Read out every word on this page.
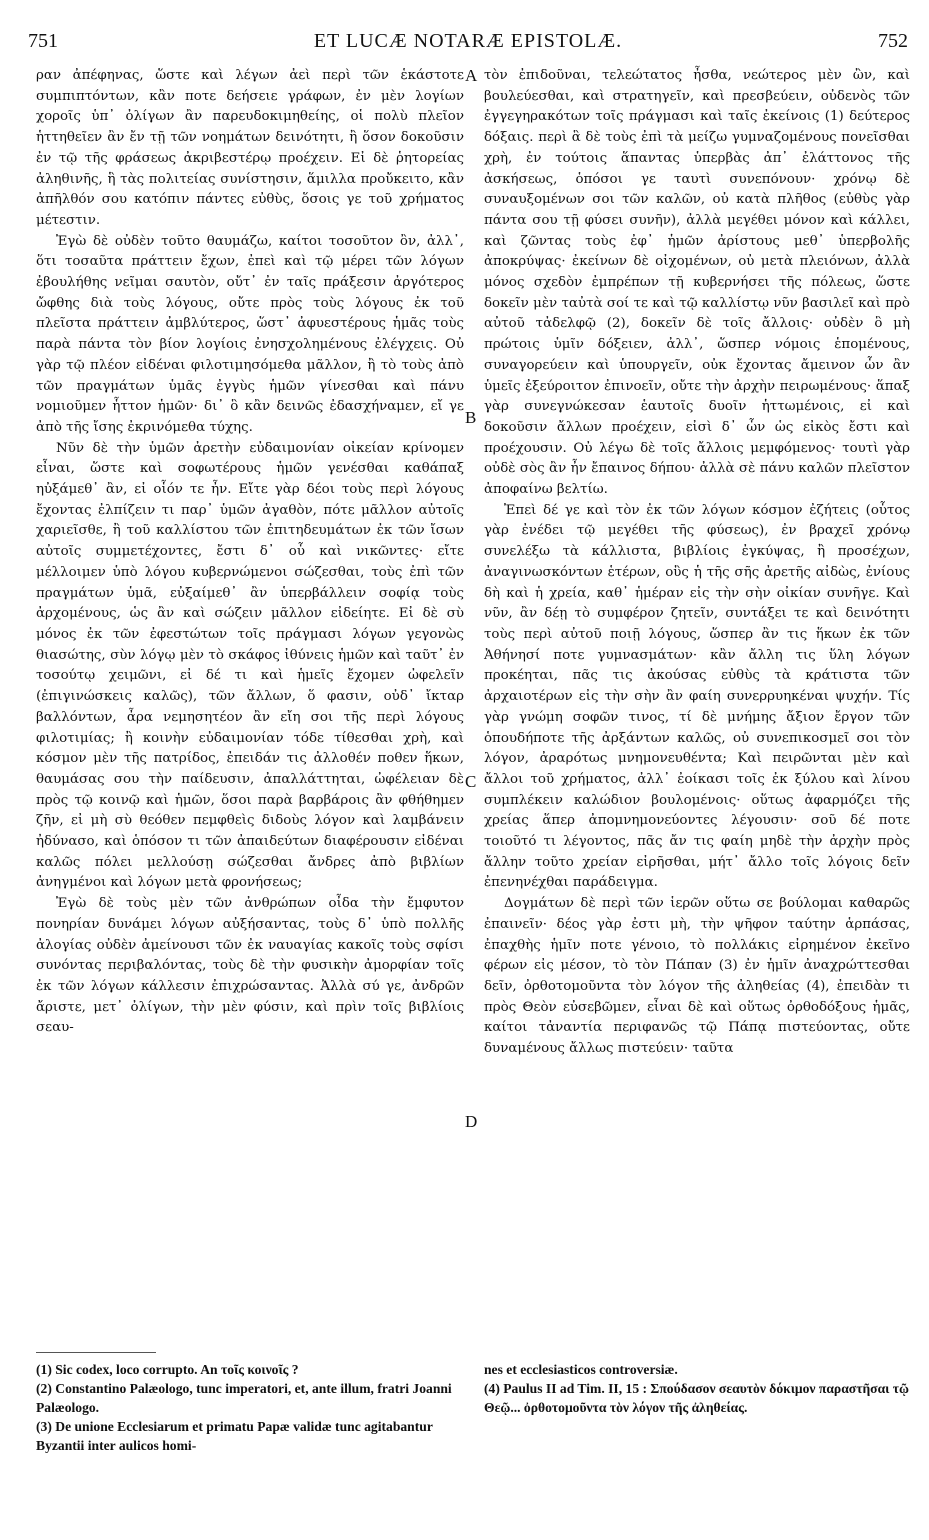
751	ET LUCÆ NOTARÆ EPISTOLÆ.	752

ραν ἀπέφηνας, ὥστε καὶ λέγων ἀεὶ περὶ τῶν ἑκάστοτε συμπιπτόντων, κἂν ποτε δεήσειε γράφων, ἐν μὲν λογίων χοροῖς ὑπ᾽ ὀλίγων ἂν παρευδοκιμηθείης, οἱ πολὺ πλεῖον ἡττηθεῖεν ἂν ἔν τῇ τῶν νοημάτων δεινότητι, ἢ ὅσον δοκοῦσιν ἐν τῷ τῆς φράσεως ἀκριβεστέρῳ προέχειν. Εἰ δὲ ῥητορείας ἀληθινῆς, ἣ τὰς πολιτείας συνίστησιν, ἅμιλλα προὔκειτο, κἂν ἀπῆλθόν σου κατόπιν πάντες εὐθὺς, ὅσοις γε τοῦ χρήματος μέτεστιν.

Ἐγὼ δὲ οὐδὲν τοῦτο θαυμάζω, καίτοι τοσοῦτον ὂν, ἀλλ᾽, ὅτι τοσαῦτα πράττειν ἔχων, ἐπεὶ καὶ τῷ μέρει τῶν λόγων ἐβουλήθης νεῖμαι σαυτὸν, οὔτ᾽ ἐν ταῖς πράξεσιν ἀργότερος ὤφθης διὰ τοὺς λόγους, οὔτε πρὸς τοὺς λόγους ἐκ τοῦ πλεῖστα πράττειν ἀμβλύτερος, ὥστ᾽ ἀφυεστέρους ἡμᾶς τοὺς παρὰ πάντα τὸν βίον λογίοις ἐνησχολημένους ἐλέγχεις. Οὐ γὰρ τῷ πλέον εἰδέναι φιλοτιμησόμεθα μᾶλλον, ἢ τὸ τοὺς ἀπὸ τῶν πραγμάτων ὑμᾶς ἐγγὺς ἡμῶν γίνεσθαι καὶ πάνυ νομιοῦμεν ἧττον ἡμῶν· δι᾽ ὃ κἂν δεινῶς ἐδασχήναμεν, εἴ γε ἀπὸ τῆς ἴσης ἐκρινόμεθα τύχης.

Νῦν δὲ τὴν ὑμῶν ἀρετὴν εὐδαιμονίαν οἰκείαν κρίνομεν εἶναι, ὥστε καὶ σοφωτέρους ἡμῶν γενέσθαι καθάπαξ ηὐξάμεθ᾽ ἂν, εἰ οἷόν τε ἦν. Εἴτε γὰρ δέοι τοὺς περὶ λόγους ἔχοντας ἐλπίζειν τι παρ᾽ ὑμῶν ἀγαθὸν, πότε μᾶλλον αὐτοῖς χαριεῖσθε, ἢ τοῦ καλλίστου τῶν ἐπιτηδευμάτων ἐκ τῶν ἴσων αὐτοῖς συμμετέχοντες, ἔστι δ᾽ οὗ καὶ νικῶντες· εἴτε μέλλοιμεν ὑπὸ λόγου κυβερνώμενοι σώζεσθαι, τοὺς ἐπὶ τῶν πραγμάτων ὑμᾶ, εὐξαίμεθ᾽ ἂν ὑπερβάλλειν σοφίᾳ τοὺς ἀρχομένους, ὡς ἂν καὶ σώζειν μᾶλλον εἰδείητε. Εἰ δὲ σὺ μόνος ἐκ τῶν ἐφεστώτων τοῖς πράγμασι λόγων γεγονὼς θιασώτης, σὺν λόγῳ μὲν τὸ σκάφος ἰθύνεις ἡμῶν καὶ ταῦτ᾽ ἐν τοσούτῳ χειμῶνι, εἰ δέ τι καὶ ἡμεῖς ἔχομεν ὠφελεῖν (ἐπιγινώσκεις καλῶς), τῶν ἄλλων, ὅ φασιν, οὐδ᾽ ἴκταρ βαλλόντων, ἆρα νεμησητέον ἂν εἴη σοι τῆς περὶ λόγους φιλοτιμίας; ἢ κοινὴν εὐδαιμονίαν τόδε τίθεσθαι χρὴ, καὶ κόσμον μὲν τῆς πατρίδος, ἐπειδάν τις ἀλλοθέν ποθεν ἥκων, θαυμάσας σου τὴν παίδευσιν, ἀπαλλάττηται, ὠφέλειαν δὲ πρὸς τῷ κοινῷ καὶ ἡμῶν, ὅσοι παρὰ βαρβάροις ἂν φθήθημεν ζῆν, εἰ μὴ σὺ θεόθεν πεμφθεὶς διδοὺς λόγον καὶ λαμβάνειν ἠδύνασο, καὶ ὁπόσον τι τῶν ἀπαιδεύτων διαφέρουσιν εἰδέναι καλῶς πόλει μελλούσῃ σώζεσθαι ἄνδρες ἀπὸ βιβλίων ἀνηγμένοι καὶ λόγων μετὰ φρονήσεως;

Ἐγὼ δὲ τοὺς μὲν τῶν ἀνθρώπων οἶδα τὴν ἔμφυτον πονηρίαν δυνάμει λόγων αὐξήσαντας, τοὺς δ᾽ ὑπὸ πολλῆς ἀλογίας οὐδὲν ἀμείνουσι τῶν ἐκ ναυαγίας κακοῖς τοὺς σφίσι συνόντας περιβαλόντας, τοὺς δὲ τὴν φυσικὴν ἀμορφίαν τοῖς ἐκ τῶν λόγων κάλλεσιν ἐπιχρώσαντας. Ἀλλὰ σύ γε, ἀνδρῶν ἄριστε, μετ᾽ ὀλίγων, τὴν μὲν φύσιν, καὶ πρὶν τοῖς βιβλίοις σεαυ-

A
B
C
D

τὸν ἐπιδοῦναι, τελεώτατος ἦσθα, νεώτερος μὲν ὢν, καὶ βουλεύεσθαι, καὶ στρατηγεῖν, καὶ πρεσβεύειν, οὐδενὸς τῶν ἐγγεγηρακότων τοῖς πράγμασι καὶ ταῖς ἐκείνοις (1) δεύτερος δόξαις. περὶ ἃ δὲ τοὺς ἐπὶ τὰ μείζω γυμναζομένους πονεῖσθαι χρὴ, ἐν τούτοις ἅπαντας ὑπερβὰς ἀπ᾽ ἐλάττονος τῆς ἀσκήσεως, ὁπόσοι γε ταυτὶ συνεπόνουν· χρόνῳ δὲ συναυξομένων σοι τῶν καλῶν, οὐ κατὰ πλῆθος (εὐθὺς γὰρ πάντα σου τῇ φύσει συνῆν), ἀλλὰ μεγέθει μόνον καὶ κάλλει, καὶ ζῶντας τοὺς ἐφ᾽ ἡμῶν ἀρίστους μεθ᾽ ὑπερβολῆς ἀποκρύψας· ἐκείνων δὲ οἰχομένων, οὐ μετὰ πλειόνων, ἀλλὰ μόνος σχεδὸν ἐμπρέπων τῇ κυβερνήσει τῆς πόλεως, ὥστε δοκεῖν μὲν ταὐτὰ σοί τε καὶ τῷ καλλίστῳ νῦν βασιλεῖ καὶ πρὸ αὐτοῦ τἀδελφῷ (2), δοκεῖν δὲ τοῖς ἄλλοις· οὐδὲν ὃ μὴ πρώτοις ὑμῖν δόξειεν, ἀλλ᾽, ὥσπερ νόμοις ἑπομένους, συναγορεύειν καὶ ὑπουργεῖν, οὐκ ἔχοντας ἄμεινον ὧν ἂν ὑμεῖς ἐξεύροιτον ἐπινοεῖν, οὔτε τὴν ἀρχὴν πειρωμένους· ἅπαξ γὰρ συνεγνώκεσαν ἑαυτοῖς δυοῖν ἡττωμένοις, εἰ καὶ δοκοῦσιν ἄλλων προέχειν, εἰσὶ δ᾽ ὧν ὡς εἰκὸς ἔστι καὶ προέχουσιν. Οὐ λέγω δὲ τοῖς ἄλλοις μεμφόμενος· τουτὶ γὰρ οὐδὲ σὸς ἂν ἦν ἔπαινος δήπου· ἀλλὰ σὲ πάνυ καλῶν πλεῖστον ἀποφαίνω βελτίω.

Ἐπεὶ δέ γε καὶ τὸν ἐκ τῶν λόγων κόσμον ἐζήτεις (οὗτος γὰρ ἐνέδει τῷ μεγέθει τῆς φύσεως), ἐν βραχεῖ χρόνῳ συνελέξω τὰ κάλλιστα, βιβλίοις ἐγκύψας, ἢ προσέχων, ἀναγινωσκόντων ἑτέρων, οὓς ἡ τῆς σῆς ἀρετῆς αἰδὼς, ἐνίους δὴ καὶ ἡ χρεία, καθ᾽ ἡμέραν εἰς τὴν σὴν οἰκίαν συνῆγε. Καὶ νῦν, ἂν δέῃ τὸ συμφέρον ζητεῖν, συντάξει τε καὶ δεινότητι τοὺς περὶ αὐτοῦ ποιῇ λόγους, ὥσπερ ἂν τις ἥκων ἐκ τῶν Ἀθήνησί ποτε γυμνασμάτων· κἂν ἄλλη τις ὕλη λόγων προκέηται, πᾶς τις ἀκούσας εὐθὺς τὰ κράτιστα τῶν ἀρχαιοτέρων εἰς τὴν σὴν ἂν φαίη συνερρυηκέναι ψυχήν. Τίς γὰρ γνώμη σοφῶν τινος, τί δὲ μνήμης ἄξιον ἔργον τῶν ὁπουδήποτε τῆς ἀρξάντων καλῶς, οὐ συνεπικοσμεῖ σοι τὸν λόγον, ἀραρότως μνημονευθέντα; Καὶ πειρῶνται μὲν καὶ ἄλλοι τοῦ χρήματος, ἀλλ᾽ ἐοίκασι τοῖς ἐκ ξύλου καὶ λίνου συμπλέκειν καλώδιον βουλομένοις· οὕτως ἀφαρμόζει τῆς χρείας ἅπερ ἀπομνημονεύοντες λέγουσιν· σοῦ δέ ποτε τοιοῦτό τι λέγοντος, πᾶς ἄν τις φαίη μηδὲ τὴν ἀρχὴν πρὸς ἄλλην τοῦτο χρείαν εἰρῆσθαι, μήτ᾽ ἄλλο τοῖς λόγοις δεῖν ἐπενηνέχθαι παράδειγμα.

Δογμάτων δὲ περὶ τῶν ἱερῶν οὕτω σε βούλομαι καθαρῶς ἐπαινεῖν· δέος γὰρ ἐστι μὴ, τὴν ψῆφον ταύτην ἁρπάσας, ἐπαχθὴς ἡμῖν ποτε γένοιο, τὸ πολλάκις εἰρημένον ἐκεῖνο φέρων εἰς μέσον, τὸ τὸν Πάπαν (3) ἐν ἡμῖν ἀναχρώττεσθαι δεῖν, ὀρθοτομοῦντα τὸν λόγον τῆς ἀληθείας (4), ἐπειδὰν τι πρὸς Θεὸν εὐσεβῶμεν, εἶναι δὲ καὶ οὕτως ὀρθοδόξους ἡμᾶς, καίτοι τἀναντία περιφανῶς τῷ Πάπᾳ πιστεύοντας, οὔτε δυναμένους ἄλλως πιστεύειν· ταῦτα

(1) Sic codex, loco corrupto. An τοῖς κοινοῖς ?

(2) Constantino Palæologo, tunc imperatori, et, ante illum, fratri Joanni Palæologo.

(3) De unione Ecclesiarum et primatu Papæ validæ tunc agitabantur Byzantii inter aulicos homi-

nes et ecclesiasticos controversiæ.

(4) Paulus II ad Tim. II, 15 : Σπούδασον σεαυτὸν δόκιμον παραστῆσαι τῷ Θεῷ... ὀρθοτομοῦντα τὸν λόγον τῆς ἀληθείας.
